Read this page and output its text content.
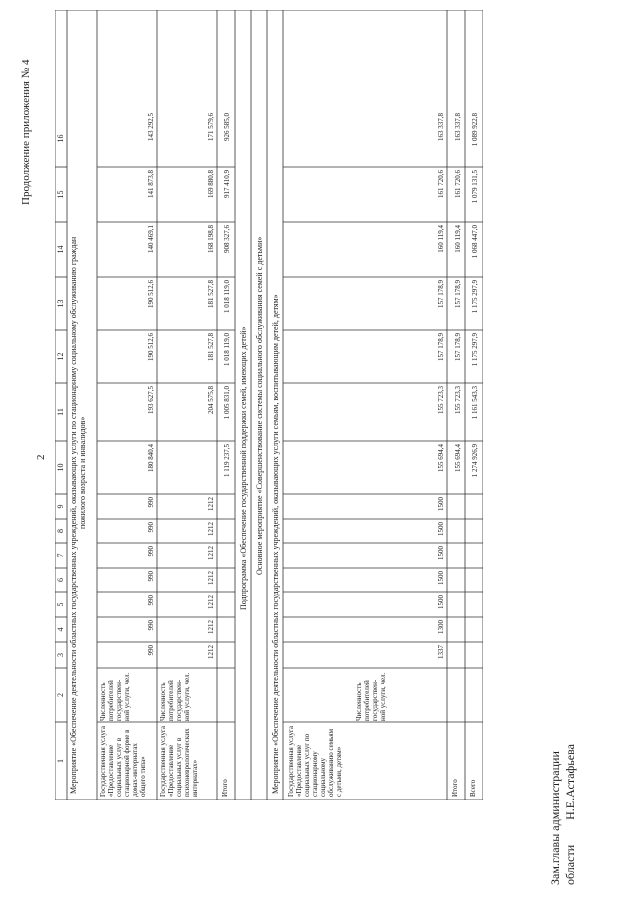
Продолжение приложения № 4
2
1
2
3
4
5
6
7
8
9
10
11
12
13
14
15
16
Мероприятие «Обеспечение деятельности областных государственных учреждений, оказывающих услуги по стационарному социальному обслуживанию граждан пожилого возраста и инвалидов»
Государственная услуга «Предоставление социальных услуг в стационарной форме в домах-интернатах общего типа»
Численность потребителей государствен-ной услуги, чел.
Государственная услуга «Предоставление социальных услуг в психоневрологических интернатах»
Численность потребителей государствен-ной услуги, чел.
Итого
Подпрограмма «Обеспечение государственной поддержки семей, имеющих детей» Основное мероприятие «Совершенствование системы социального обслуживания семей с детьми» Мероприятие «Обеспечение деятельности областных государственных учреждений, оказывающих услуги семьям, воспитывающим детей, детям» Государственная услуга «Предоставление социальных услуг по стационарному социальному обслуживанию семьям с детьми, детям»
Численность потребителей государствен-ной услуги, чел.
Итого Всего
990
990
990
990
990
990
990
180 840,4
193 627,5
190 512,6
190 512,6
140 469,1
141 873,8
143 292,5
1212
1212
1212
1212
1212
1212
1212
204 575,8
181 527,8
181 527,8
168 198,8
169 880,8
171 579,6
1 119 237,5
1 005 831,0
1 018 119,0
1 018 119,0
908 327,6
917 410,9
926 585,0
1337
1300
1500
1500
1500
1500
1500
155 694,4
155 723,3
157 178,9
157 178,9
160 119,4
161 720,6
163 337,8
155 694,4
155 723,3
157 178,9
157 178,9
160 119,4
161 720,6
163 337,8
1 274 926,9
1 161 543,3
1 175 297,9
1 175 297,9
1 068 447,0
1 079 131,5
1 089 922,8
Зам.главы администрации области Н.Е.Астафьева
